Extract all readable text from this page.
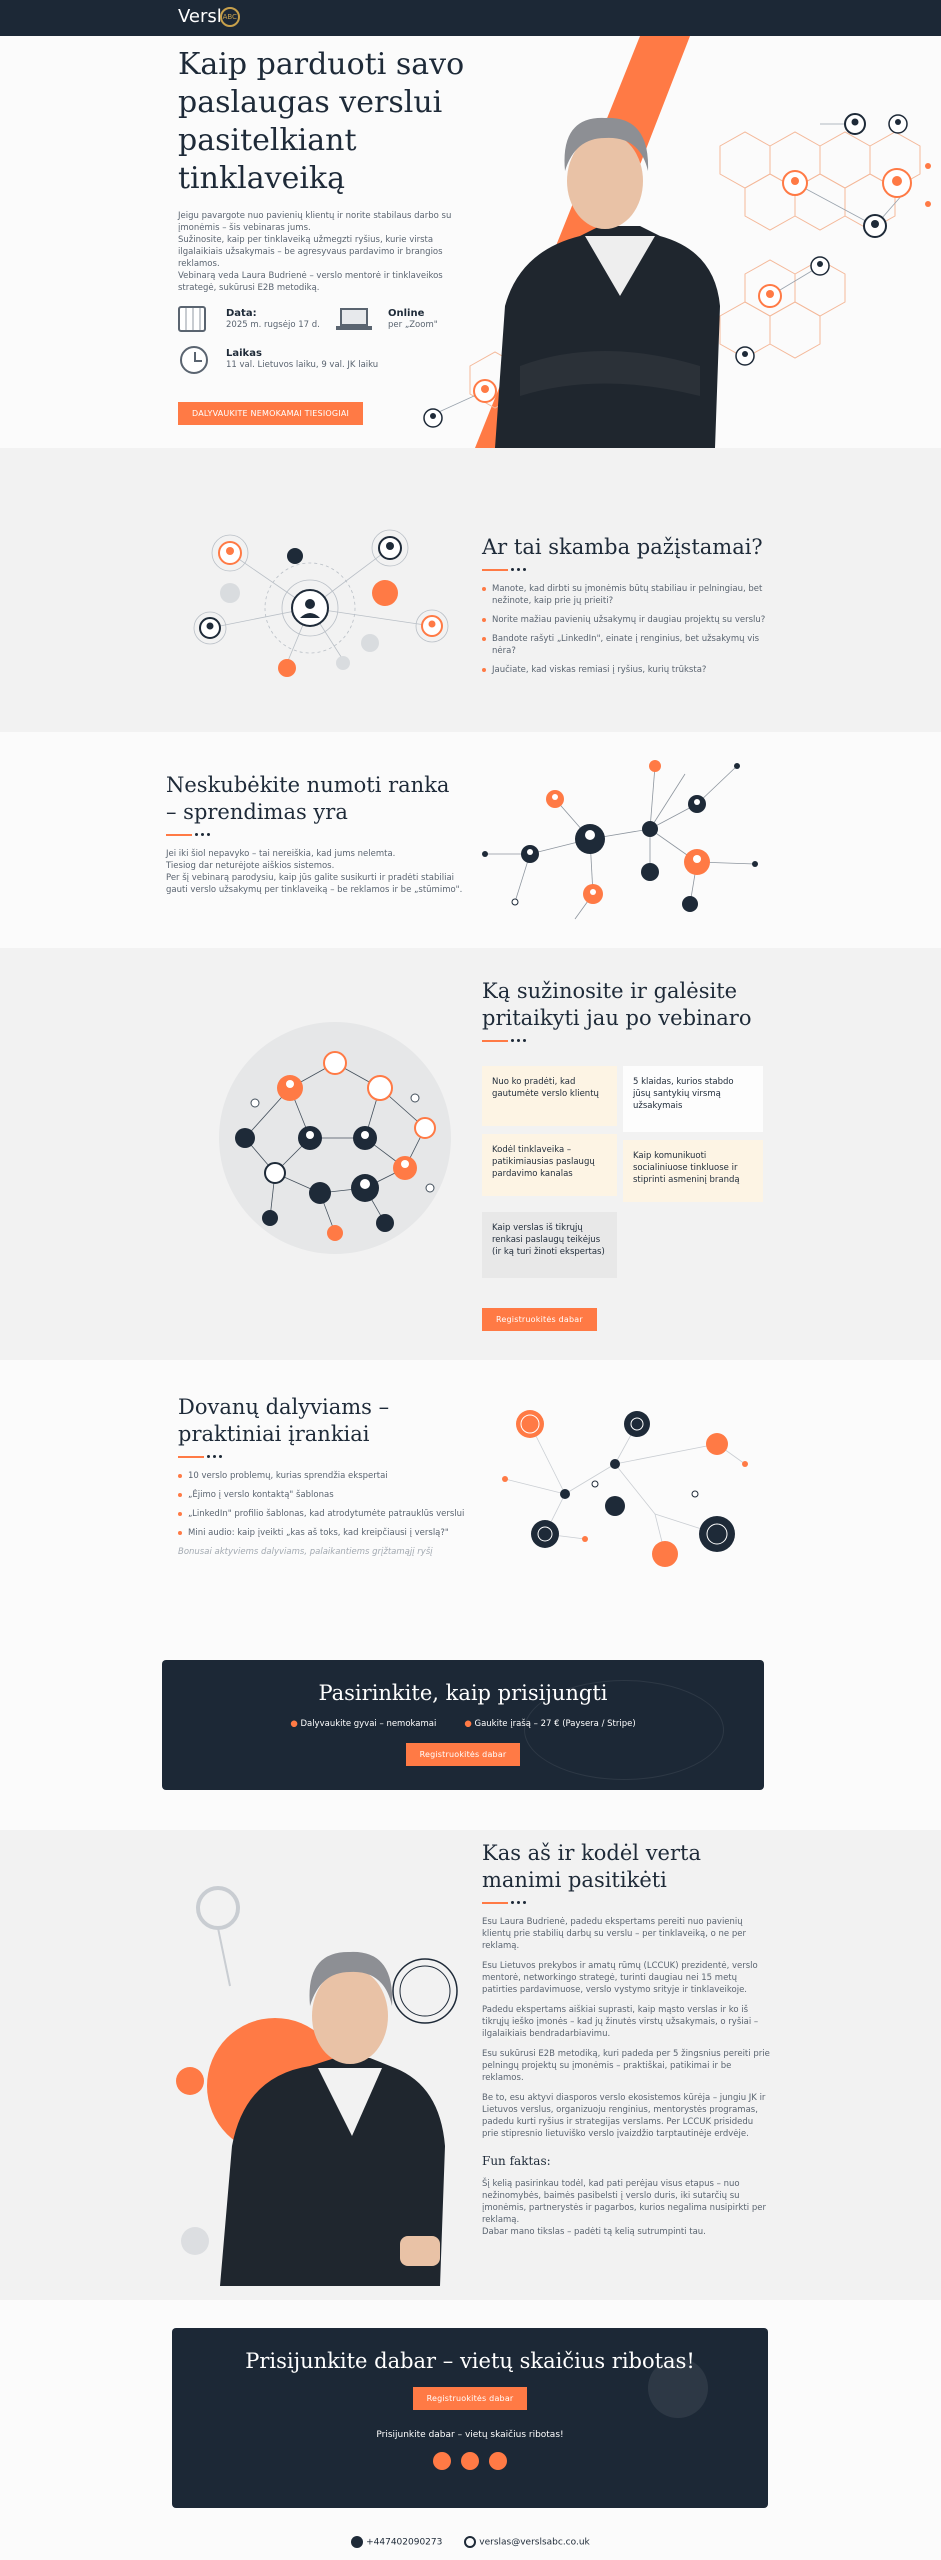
VerslABC
Kaip parduoti savo paslaugas verslui pasitelkiant tinklaveiką

Jeigu pavargote nuo pavienių klientų ir norite stabilaus darbo su įmonėmis – šis vebinaras jums.

Sužinosite, kaip per tinklaveiką užmegzti ryšius, kurie virsta ilgalaikiais užsakymais – be agresyvaus pardavimo ir brangios reklamos.

Vebinarą veda Laura Budrienė – verslo mentorė ir tinklaveikos strategė, sukūrusi E2B metodiką.

Data:
2025 m. rugsėjo 17 d.
Online
per „Zoom"
Laikas
11 val. Lietuvos laiku, 9 val. JK laiku
DALYVAUKITE NEMOKAMAI TIESIOGIAI
Ar tai skamba pažįstamai?
Manote, kad dirbti su įmonėmis būtų stabiliau ir pelningiau, bet nežinote, kaip prie jų prieiti?
Norite mažiau pavienių užsakymų ir daugiau projektų su verslu?
Bandote rašyti „LinkedIn", einate į renginius, bet užsakymų vis nėra?
Jaučiate, kad viskas remiasi į ryšius, kurių trūksta?
Neskubėkite numoti ranka – sprendimas yra

Jei iki šiol nepavyko – tai nereiškia, kad jums nelemta.

Tiesiog dar neturėjote aiškios sistemos.

Per šį vebinarą parodysiu, kaip jūs galite susikurti ir pradėti stabiliai gauti verslo užsakymų per tinklaveiką – be reklamos ir be „stūmimo".

Ką sužinosite ir galėsite pritaikyti jau po vebinaro
Nuo ko pradėti, kad gautumėte verslo klientų
5 klaidas, kurios stabdo jūsų santykių virsmą užsakymais
Kodėl tinklaveika – patikimiausias paslaugų pardavimo kanalas
Kaip komunikuoti socialiniuose tinkluose ir stiprinti asmeninį brandą
Kaip verslas iš tikrųjų renkasi paslaugų teikėjus (ir ką turi žinoti ekspertas)
Registruokitės dabar
Dovanų dalyviams – praktiniai įrankiai
10 verslo problemų, kurias sprendžia ekspertai
„Ėjimo į verslo kontaktą" šablonas
„LinkedIn" profilio šablonas, kad atrodytumėte patrauklūs verslui
Mini audio: kaip įveikti „kas aš toks, kad kreipčiausi į verslą?"

Bonusai aktyviems dalyviams, palaikantiems grįžtamąjį ryšį

Pasirinkite, kaip prisijungti
● Dalyvaukite gyvai – nemokamai	● Gaukite įrašą – 27 € (Paysera / Stripe)
Registruokitės dabar
Kas aš ir kodėl verta manimi pasitikėti

Esu Laura Budrienė, padedu ekspertams pereiti nuo pavienių klientų prie stabilių darbų su verslu – per tinklaveiką, o ne per reklamą.

Esu Lietuvos prekybos ir amatų rūmų (LCCUK) prezidentė, verslo mentorė, networkingo strategė, turinti daugiau nei 15 metų patirties pardavimuose, verslo vystymo srityje ir tinklaveikoje.

Padedu ekspertams aiškiai suprasti, kaip mąsto verslas ir ko iš tikrųjų ieško įmonės – kad jų žinutės virstų užsakymais, o ryšiai – ilgalaikiais bendradarbiavimu.

Esu sukūrusi E2B metodiką, kuri padeda per 5 žingsnius pereiti prie pelningų projektų su įmonėmis – praktiškai, patikimai ir be reklamos.

Be to, esu aktyvi diasporos verslo ekosistemos kūrėja – jungiu JK ir Lietuvos verslus, organizuoju renginius, mentorystės programas, padedu kurti ryšius ir strategijas verslams. Per LCCUK prisidedu prie stipresnio lietuviško verslo įvaizdžio tarptautinėje erdvėje.

Fun faktas:

Šį kelią pasirinkau todėl, kad pati perėjau visus etapus – nuo nežinomybės, baimės pasibelsti į verslo duris, iki sutarčių su įmonėmis, partnerystės ir pagarbos, kurios negalima nusipirkti per reklamą.

Dabar mano tikslas – padėti tą kelią sutrumpinti tau.

Prisijunkite dabar – vietų skaičius ribotas!
Registruokitės dabar
Prisijunkite dabar – vietų skaičius ribotas!
+447402090273	verslas@verslsabc.co.uk
